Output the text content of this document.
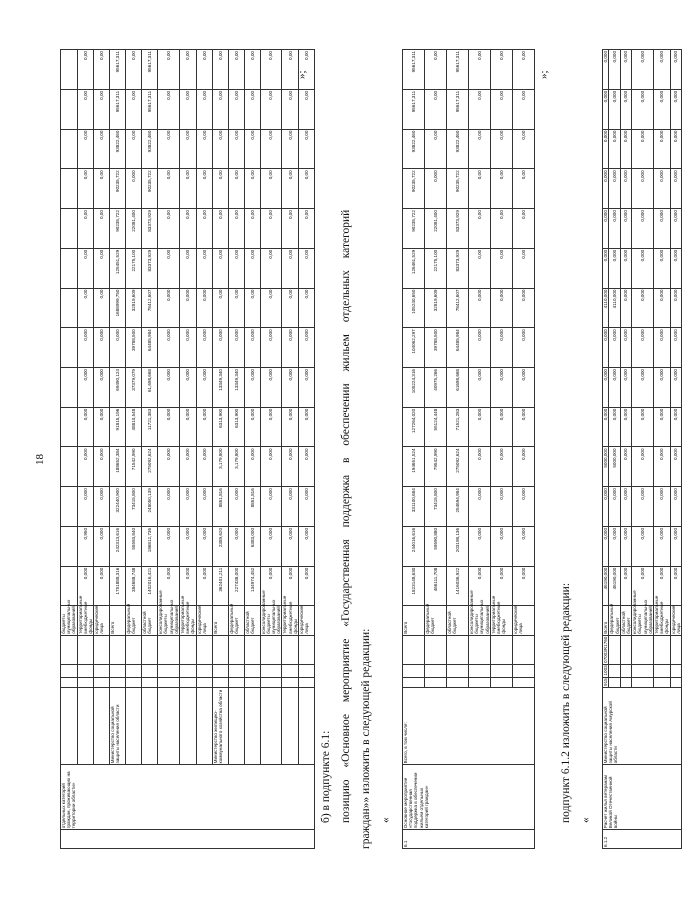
18
	отдельных категорий граждан, проживающих на территории области»					бюджеты муниципальных образований														
						территориальные внебюджетные фонды	0,000	0,950	0,000	0,000	0,000	0,000	0,000	0,00	0,00	0,00	0,00	0,00	0,00	0,00
						юридические лица	0,000	0,000	0,000	0,000	0,000	0,000	0,000	0,00	0,00	0,00	0,00	0,00	0,00	0,00
		Министерство социальной защиты населения области				Всего	1751888,316	242313,616	322440,900	188652,384	91815,196	69490,124	0,000	1688999,750	125451,529	90235,722	90235,722	93822,460	95617,311	95617,311
						федеральный бюджет	384688,748	55593,840	73415,800	71542,990	48810,548	37379,079	39788,500	32819,609	22175,100	22081,400	0,000	0,00	0,00	0,00
						областной бюджет	1402016,421	186812,736	248050,139	275092,624	11721,383	61,698,668	64485,984	78412,607	83373,929	83373,929	90235,722	93822,460	95617,311	95617,311
						консолидированные бюджеты муниципальных образований	0,000	0,000	0,000	0,000	0,000	0,000	0,000	0,000	0,00	0,00	0,00	0,00	0,00	0,00
						территориальные внебюджетные фонды	0,000	0,000	0,000	0,000	0,000	0,000	0,000	0,000	0,00	0,00	0,00	0,00	0,00	0,00
						юридические лица	0,000	0,000	0,000	0,000	0,000	0,000	0,000	0,000	0,00	0,00	0,00	0,00	0,00	0,00
		Министерство жилищно-коммунального хозяйства области				Всего	362401,211	2389,620	8851,816	3,179,800	6313,900	13349,340	0,000	0,00	0,00	0,00	0,00	0,00	0,00	0,00
						федеральный бюджет	227438,000	0,000	0,000	3,179,800	6313,900	13349,340	0,000	0,00	0,00	0,00	0,00	0,00	0,00	0,00
						областной бюджет	134974,452	6383,000	8851,816	0,000	0,000	0,000	0,000	0,00	0,00	0,00	0,00	0,00	0,00	0,00
						консолидированные бюджеты муниципальных образований	0,000	0,000	0,000	0,000	0,000	0,000	0,000	0,00	0,00	0,00	0,00	0,00	0,00	0,00
						территориальные внебюджетные фонды	0,000	0,000	0,000	0,000	0,000	0,000	0,000	0,00	0,00	0,00	0,00	0,00	0,00	0,00
						юридические лица	0,000	0,000	0,000	0,000	0,000	0,000	0,000	0,00	0,00	0,00	0,00	0,00	0,00	0,00
»;
б) в подпункте 6.1: позицию «Основное мероприятие «Государственная поддержка в обеспечении жильем отдельных категорий граждан»» изложить в следующей редакции: «
6.1	Основное мероприятие «Государственная поддержка в обеспечении жильем отдельных категорий граждан»	Всего, в том числе:				Всего	1823148,630	244016,616	331100,684	194651,524	127264,020	105224,316	104062,297	105240,650	126461,529	90235,722	90235,722	93822,460	95617,311	95617,311
						федеральный бюджет	466111,708	59590,880	73415,800	79542,990	55124,448	40975,266	39788,500	32819,609	22175,100	22081,400	0,000	0,00	0,00	0,00
						областной бюджет	1416036,922	203198,136	254694,984	275092,624	71521,283	61698,668	64485,984	78412,607	83373,929	83373,929	90235,722	93822,460	95617,311	95617,311
						консолидированные бюджеты муниципальных образований	0,000	0,000	0,000	0,000	0,000	0,000	0,000	0,000	0,00	0,00	0,00	0,00	0,00	0,00
						территориальные внебюджетные фонды	0,000	0,000	0,000	0,000	0,000	0,000	0,000	0,000	0,00	0,00	0,00	0,00	0,00	0,00
						юридические лица	0,000	0,000	0,000	0,000	0,000	0,000	0,000	0,000	0,00	0,00	0,00	0,00	0,00	0,00
»;
подпункт 6.1.2 изложить в следующей редакции: «
6.1.2	Расчет жилья ветеранам Великой Отечественной войны	Министерство социальной защиты населения Амурской области	915	1003	07003R1760	Всего	46190,000	0,000	0,000	5000,000	0,000	0,000	0,000	4110,000	0,000	0,000	0,000	0,000	0,000	0,000
						федеральный бюджет	46190,000	0,000	0,000	5000,000	0,000	0,000	0,000	4110,000	0,000	0,000	0,000	0,000	0,000	0,000
						областной бюджет	0,000	0,000	0,000	0,000	0,000	0,000	0,000	0,000	0,000	0,000	0,000	0,000	0,000	0,000
						консолидированные бюджеты муниципальных образований	0,000	0,000	0,000	0,000	0,000	0,000	0,000	0,000	0,000	0,000	0,000	0,000	0,000	0,000
						территориальные внебюджетные фонды	0,000	0,000	0,000	0,000	0,000	0,000	0,000	0,000	0,000	0,000	0,000	0,000	0,000	0,000
						юридические лица	0,000	0,000	0,000	0,000	0,000	0,000	0,000	0,000	0,000	0,000	0,000	0,000	0,000	0,000
